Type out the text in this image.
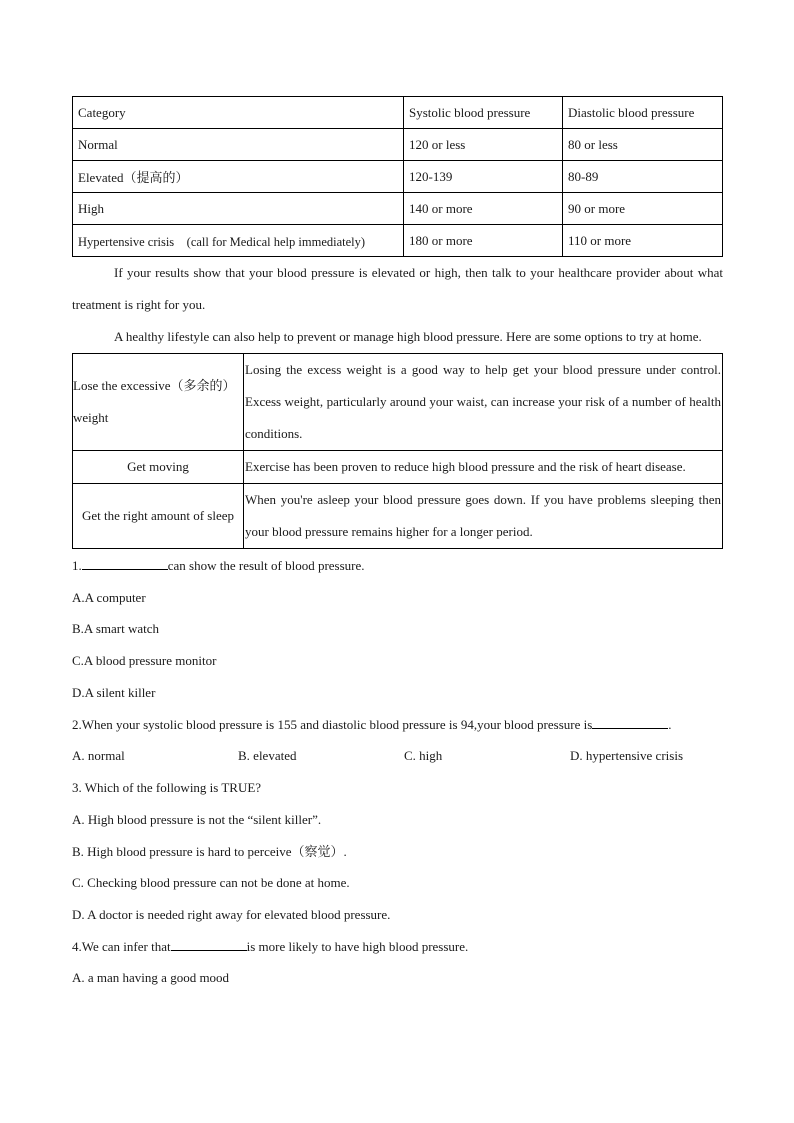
Category	Systolic blood pressure	Diastolic blood pressure
Normal	120 or less	80 or less
Elevated（提高的）	120-139	80-89
High	140 or more	90 or more
Hypertensive crisis　(call for Medical help immediately)	180 or more	110 or more

If your results show that your blood pressure is elevated or high, then talk to your healthcare provider about what treatment is right for you.

A healthy lifestyle can also help to prevent or manage high blood pressure. Here are some options to try at home.

Lose the excessive（多余的）weight	Losing the excess weight is a good way to help get your blood pressure under control. Excess weight, particularly around your waist, can increase your risk of a number of health conditions.
Get moving	Exercise has been proven to reduce high blood pressure and the risk of heart disease.
Get the right amount of sleep	When you're asleep your blood pressure goes down. If you have problems sleeping then your blood pressure remains higher for a longer period.

1.	can show the result of blood pressure.

A.A computer

B.A smart watch

C.A blood pressure monitor

D.A silent killer

2.When your systolic blood pressure is 155 and diastolic blood pressure is 94,your blood pressure is	.

A. normal	B. elevated	C. high	D. hypertensive crisis

3. Which of the following is TRUE?

A. High blood pressure is not the “silent killer”.

B. High blood pressure is hard to perceive（察觉）.

C. Checking blood pressure can not be done at home.

D. A doctor is needed right away for elevated blood pressure.

4.We can infer that	is more likely to have high blood pressure.

A. a man having a good mood
